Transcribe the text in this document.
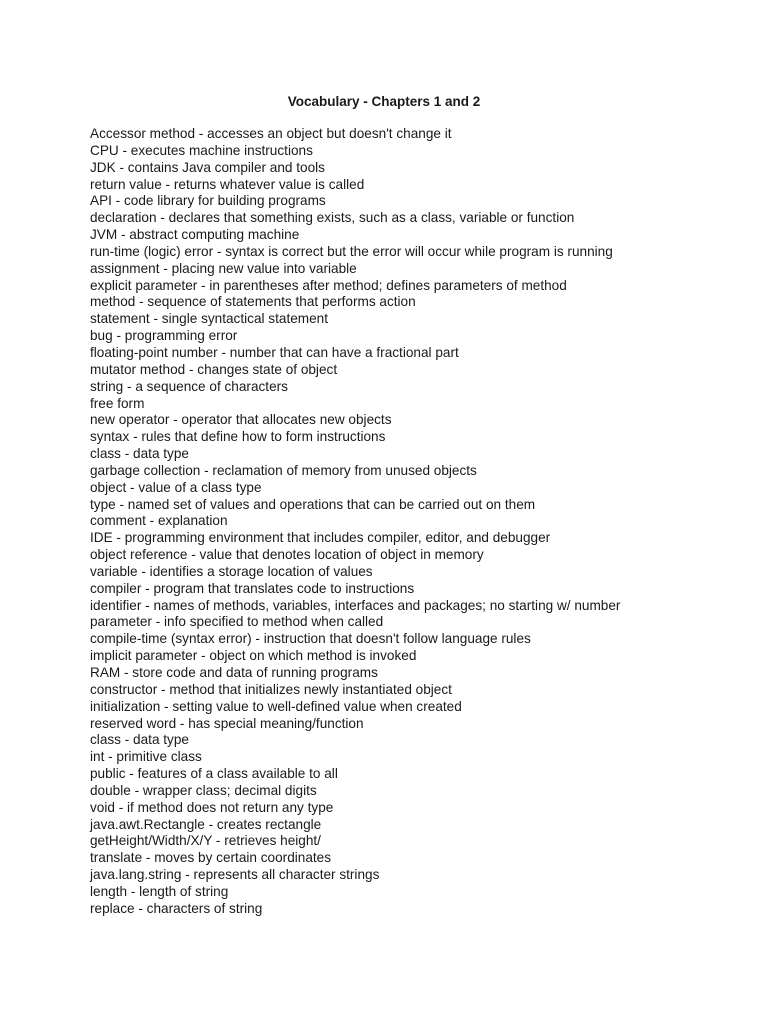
Vocabulary - Chapters 1 and 2
Accessor method - accesses an object but doesn't change it
CPU - executes machine instructions
JDK - contains Java compiler and tools
return value - returns whatever value is called
API - code library for building programs
declaration - declares that something exists, such as a class, variable or function
JVM - abstract computing machine
run-time (logic) error - syntax is correct but the error will occur while program is running
assignment - placing new value into variable
explicit parameter - in parentheses after method; defines parameters of method
method - sequence of statements that performs action
statement - single syntactical statement
bug - programming error
floating-point number - number that can have a fractional part
mutator method - changes state of object
string - a sequence of characters
free form
new operator - operator that allocates new objects
syntax - rules that define how to form instructions
class - data type
garbage collection - reclamation of memory from unused objects
object - value of a class type
type - named set of values and operations that can be carried out on them
comment - explanation
IDE - programming environment that includes compiler, editor, and debugger
object reference - value that denotes location of object in memory
variable - identifies a storage location of values
compiler - program that translates code to instructions
identifier - names of methods, variables, interfaces and packages; no starting w/ number
parameter - info specified to method when called
compile-time (syntax error) - instruction that doesn't follow language rules
implicit parameter - object on which method is invoked
RAM - store code and data of running programs
constructor - method that initializes newly instantiated object
initialization - setting value to well-defined value when created
reserved word - has special meaning/function
class - data type
int - primitive class
public - features of a class available to all
double - wrapper class; decimal digits
void - if method does not return any type
java.awt.Rectangle - creates rectangle
getHeight/Width/X/Y - retrieves height/
translate - moves by certain coordinates
java.lang.string - represents all character strings
length - length of string
replace - characters of string
